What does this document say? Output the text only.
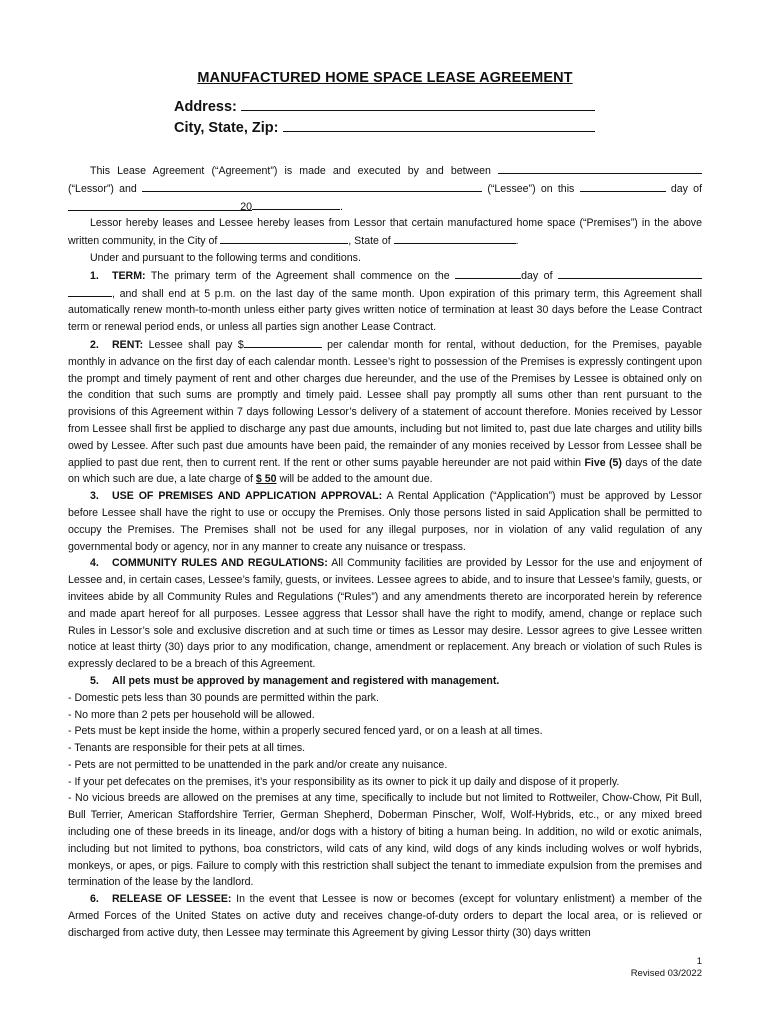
MANUFACTURED HOME SPACE LEASE AGREEMENT
Address:
City, State, Zip:

This Lease Agreement (“Agreement”) is made and executed by and between  (“Lessor”) and	(“Lessee”) on this	day of 20	.

Lessor hereby leases and Lessee hereby leases from Lessor that certain manufactured home space (“Premises”) in the above written community, in the City of	, State of	.

Under and pursuant to the following terms and conditions.

1. TERM: The primary term of the Agreement shall commence on the	day of  , and shall end at 5 p.m. on the last day of the same month. Upon expiration of this primary term, this Agreement shall automatically renew month-to-month unless either party gives written notice of termination at least 30 days before the Lease Contract term or renewal period ends, or unless all parties sign another Lease Contract.

2. RENT: Lessee shall pay $	per calendar month for rental, without deduction, for the Premises, payable monthly in advance on the first day of each calendar month. Lessee’s right to possession of the Premises is expressly contingent upon the prompt and timely payment of rent and other charges due hereunder, and the use of the Premises by Lessee is obtained only on the condition that such sums are promptly and timely paid. Lessee shall pay promptly all sums other than rent pursuant to the provisions of this Agreement within 7 days following Lessor’s delivery of a statement of account therefore. Monies received by Lessor from Lessee shall first be applied to discharge any past due amounts, including but not limited to, past due late charges and utility bills owed by Lessee. After such past due amounts have been paid, the remainder of any monies received by Lessor from Lessee shall be applied to past due rent, then to current rent. If the rent or other sums payable hereunder are not paid within Five (5) days of the date on which such are due, a late charge of $ 50 will be added to the amount due.

3. USE OF PREMISES AND APPLICATION APPROVAL: A Rental Application (“Application”) must be approved by Lessor before Lessee shall have the right to use or occupy the Premises. Only those persons listed in said Application shall be permitted to occupy the Premises. The Premises shall not be used for any illegal purposes, nor in violation of any valid regulation of any governmental body or agency, nor in any manner to create any nuisance or trespass.

4. COMMUNITY RULES AND REGULATIONS: All Community facilities are provided by Lessor for the use and enjoyment of Lessee and, in certain cases, Lessee’s family, guests, or invitees. Lessee agrees to abide, and to insure that Lessee’s family, guests, or invitees abide by all Community Rules and Regulations (“Rules”) and any amendments thereto are incorporated herein by reference and made apart hereof for all purposes. Lessee aggress that Lessor shall have the right to modify, amend, change or replace such Rules in Lessor’s sole and exclusive discretion and at such time or times as Lessor may desire. Lessor agrees to give Lessee written notice at least thirty (30) days prior to any modification, change, amendment or replacement. Any breach or violation of such Rules is expressly declared to be a breach of this Agreement.

5. All pets must be approved by management and registered with management.

- Domestic pets less than 30 pounds are permitted within the park.

- No more than 2 pets per household will be allowed.

- Pets must be kept inside the home, within a properly secured fenced yard, or on a leash at all times.

- Tenants are responsible for their pets at all times.

- Pets are not permitted to be unattended in the park and/or create any nuisance.

- If your pet defecates on the premises, it’s your responsibility as its owner to pick it up daily and dispose of it properly.

- No vicious breeds are allowed on the premises at any time, specifically to include but not limited to Rottweiler, Chow-Chow, Pit Bull, Bull Terrier, American Staffordshire Terrier, German Shepherd, Doberman Pinscher, Wolf, Wolf-Hybrids, etc., or any mixed breed including one of these breeds in its lineage, and/or dogs with a history of biting a human being. In addition, no wild or exotic animals, including but not limited to pythons, boa constrictors, wild cats of any kind, wild dogs of any kinds including wolves or wolf hybrids, monkeys, or apes, or pigs. Failure to comply with this restriction shall subject the tenant to immediate expulsion from the premises and termination of the lease by the landlord.

6. RELEASE OF LESSEE: In the event that Lessee is now or becomes (except for voluntary enlistment) a member of the Armed Forces of the United States on active duty and receives change-of-duty orders to depart the local area, or is relieved or discharged from active duty, then Lessee may terminate this Agreement by giving Lessor thirty (30) days written

1
Revised 03/2022
